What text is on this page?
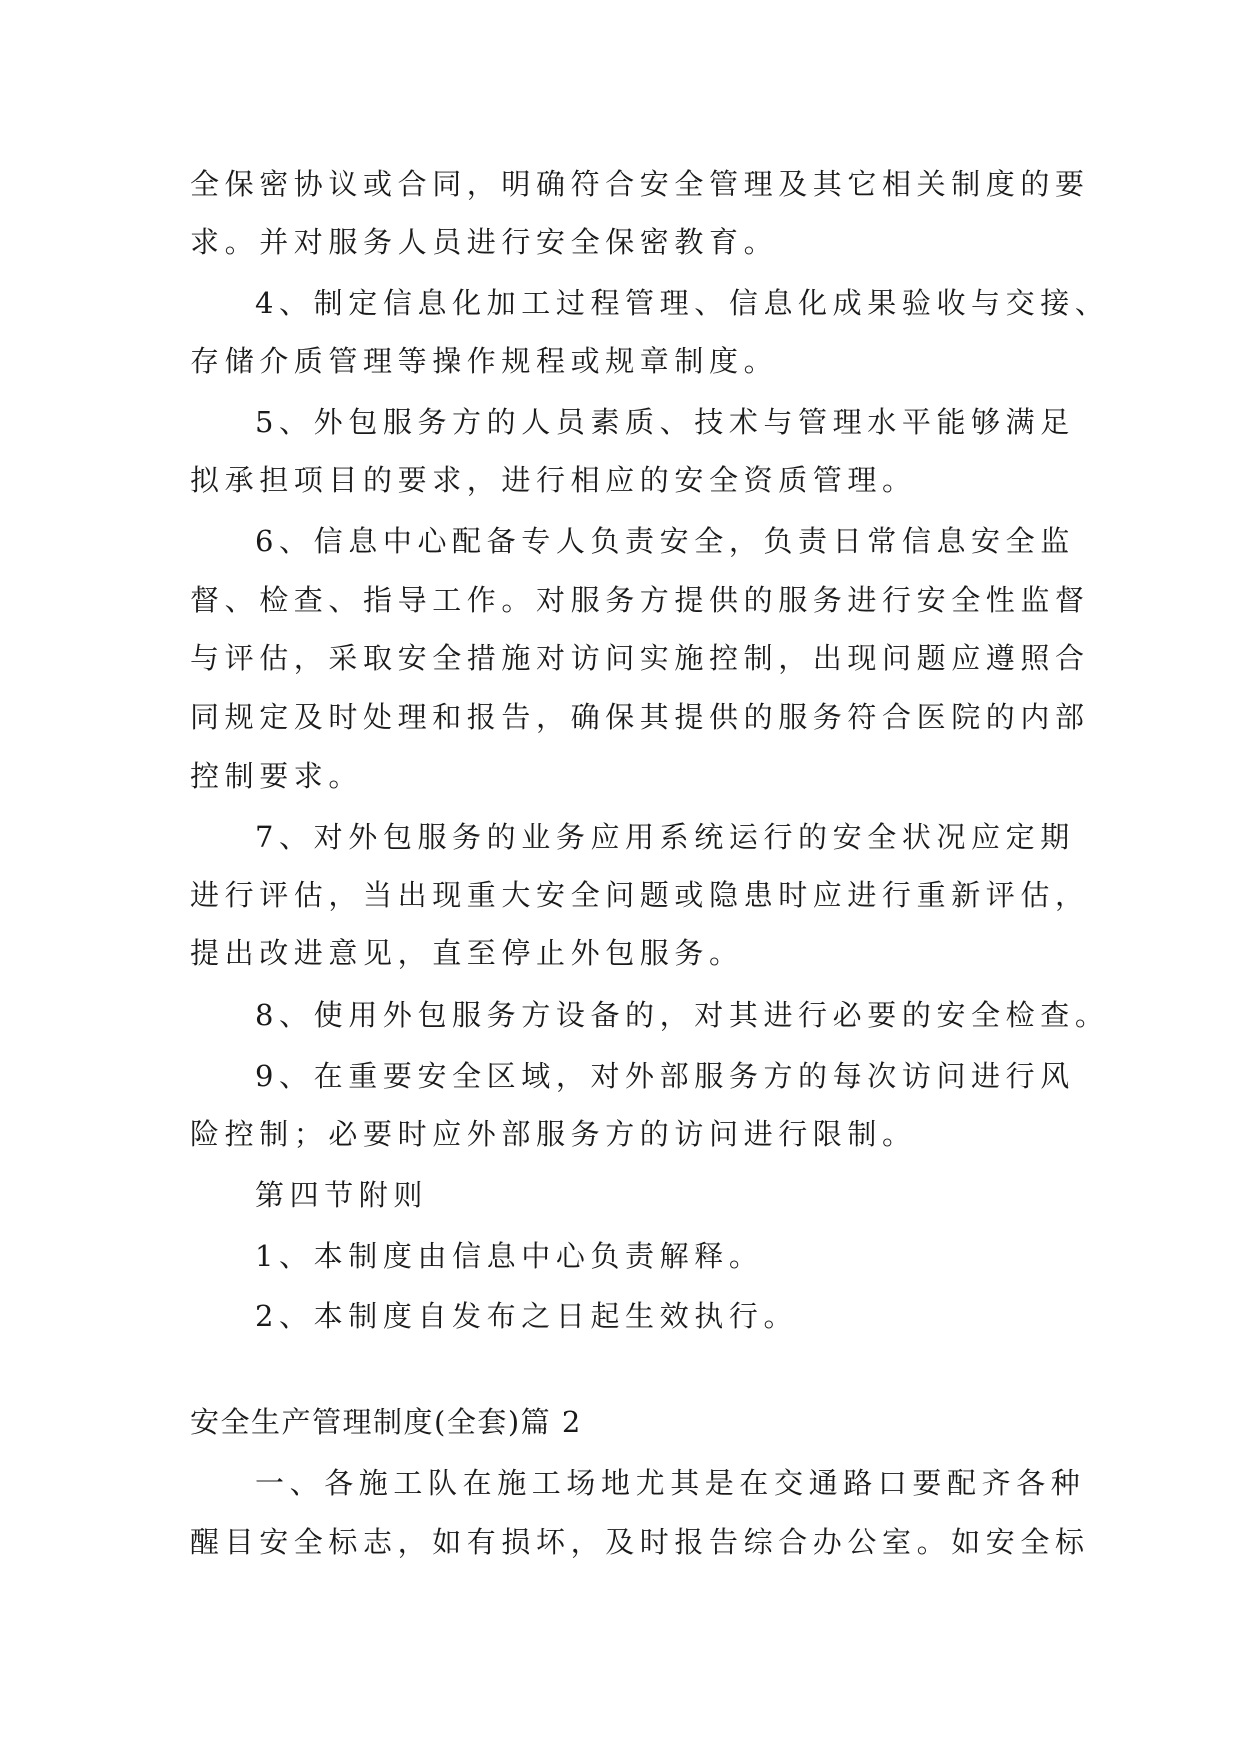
全保密协议或合同，明确符合安全管理及其它相关制度的要
求。并对服务人员进行安全保密教育。
4、制定信息化加工过程管理、信息化成果验收与交接、
存储介质管理等操作规程或规章制度。
5、外包服务方的人员素质、技术与管理水平能够满足
拟承担项目的要求，进行相应的安全资质管理。
6、信息中心配备专人负责安全，负责日常信息安全监
督、检查、指导工作。对服务方提供的服务进行安全性监督
与评估，采取安全措施对访问实施控制，出现问题应遵照合
同规定及时处理和报告，确保其提供的服务符合医院的内部
控制要求。
7、对外包服务的业务应用系统运行的安全状况应定期
进行评估，当出现重大安全问题或隐患时应进行重新评估，
提出改进意见，直至停止外包服务。
8、使用外包服务方设备的，对其进行必要的安全检查。
9、在重要安全区域，对外部服务方的每次访问进行风
险控制；必要时应外部服务方的访问进行限制。
第四节附则
1、本制度由信息中心负责解释。
2、本制度自发布之日起生效执行。
安全生产管理制度(全套)篇 2
一、各施工队在施工场地尤其是在交通路口要配齐各种
醒目安全标志，如有损坏，及时报告综合办公室。如安全标
